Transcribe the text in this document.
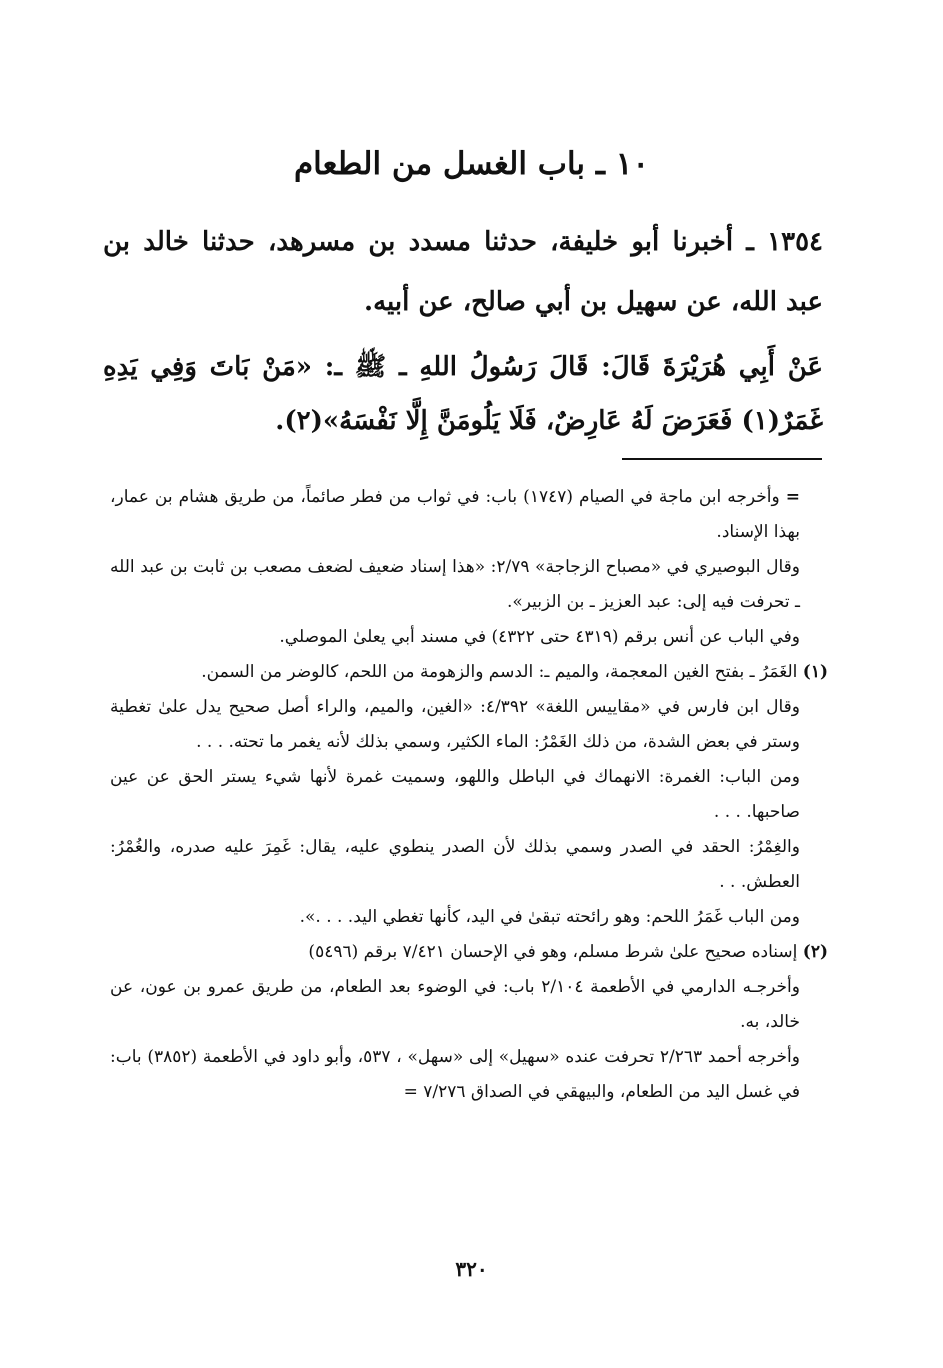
١٠ ـ باب الغسل من الطعام

١٣٥٤ ـ أخبرنا أبو خليفة، حدثنا مسدد بن مسرهد، حدثنا خالد بن عبد الله، عن سهيل بن أبي صالح، عن أبيه.

عَنْ أَبِي هُرَيْرَةَ قَالَ: قَالَ رَسُولُ اللهِ ـ ﷺ ـ: «مَنْ بَاتَ وَفِي يَدِهِ غَمَرٌ(١) فَعَرَضَ لَهُ عَارِضٌ، فَلَا يَلُومَنَّ إِلَّا نَفْسَهُ»(٢).

= وأخرجه ابن ماجة في الصيام (١٧٤٧) باب: في ثواب من فطر صائماً، من طريق هشام بن عمار، بهذا الإسناد.

وقال البوصيري في «مصباح الزجاجة» ٢/٧٩: «هذا إسناد ضعيف لضعف مصعب بن ثابت بن عبد الله ـ تحرفت فيه إلى: عبد العزيز ـ بن الزبير».

وفي الباب عن أنس برقم (٤٣١٩ حتى ٤٣٢٢) في مسند أبي يعلىٰ الموصلي.

(١) الغَمَرُ ـ بفتح الغين المعجمة، والميم ـ: الدسم والزهومة من اللحم، كالوضر من السمن.

وقال ابن فارس في «مقاييس اللغة» ٤/٣٩٢: «الغين، والميم، والراء أصل صحيح يدل علىٰ تغطية وستر في بعض الشدة، من ذلك الغَمْرُ: الماء الكثير، وسمي بذلك لأنه يغمر ما تحته. . . .

ومن الباب: الغمرة: الانهماك في الباطل واللهو، وسميت غمرة لأنها شيء يستر الحق عن عين صاحبها. . . .

والغِمْرُ: الحقد في الصدر وسمي بذلك لأن الصدر ينطوي عليه، يقال: غَمِرَ عليه صدره، والغُمْرُ: العطش. . .

ومن الباب غَمَرُ اللحم: وهو رائحته تبقىٰ في اليد، كأنها تغطي اليد. . . .».

(٢) إسناده صحيح علىٰ شرط مسلم، وهو في الإحسان ٧/٤٢١ برقم (٥٤٩٦)

وأخرجـه الدارمي في الأطعمة ٢/١٠٤ باب: في الوضوء بعد الطعام، من طريق عمرو بن عون، عن خالد، به.

وأخرجه أحمد ٢/٢٦٣ تحرفت عنده «سهيل» إلى «سهل» ، ٥٣٧، وأبو داود في الأطعمة (٣٨٥٢) باب: في غسل اليد من الطعام، والبيهقي في الصداق ٧/٢٧٦ =

٣٢٠
